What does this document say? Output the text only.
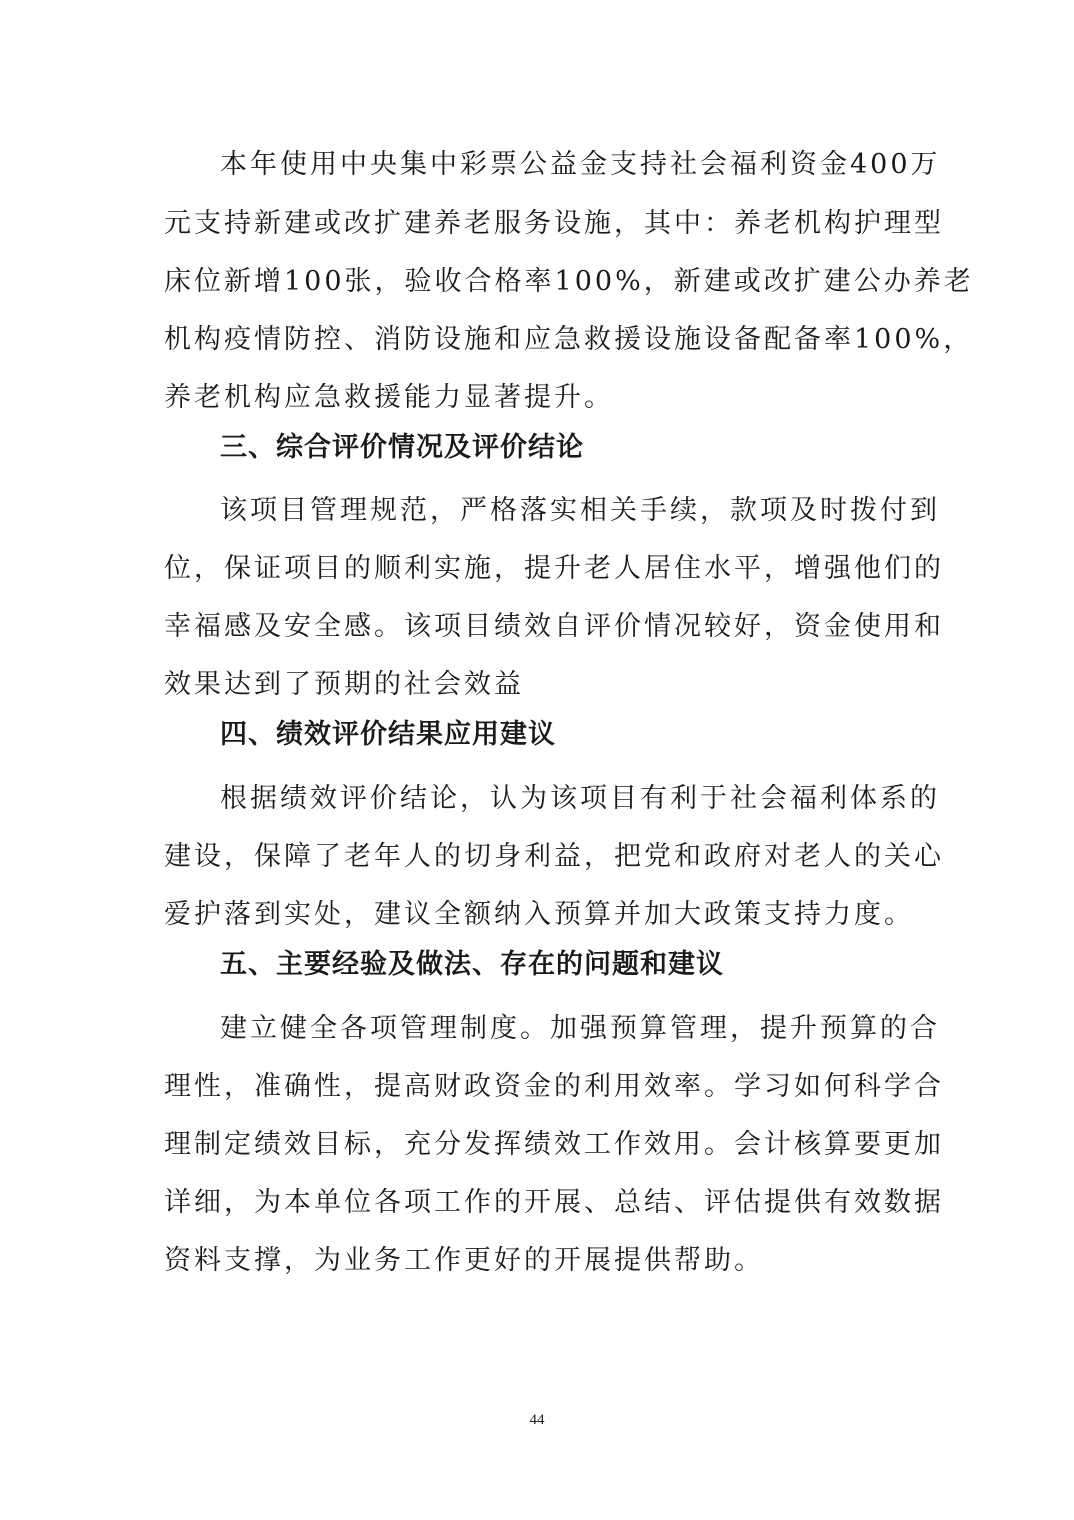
本年使用中央集中彩票公益金支持社会福利资金400万
元支持新建或改扩建养老服务设施，其中：养老机构护理型
床位新增100张，验收合格率100%，新建或改扩建公办养老
机构疫情防控、消防设施和应急救援设施设备配备率100%，
养老机构应急救援能力显著提升。
三、综合评价情况及评价结论
该项目管理规范，严格落实相关手续，款项及时拨付到
位，保证项目的顺利实施，提升老人居住水平，增强他们的
幸福感及安全感。该项目绩效自评价情况较好，资金使用和
效果达到了预期的社会效益
四、绩效评价结果应用建议
根据绩效评价结论，认为该项目有利于社会福利体系的
建设，保障了老年人的切身利益，把党和政府对老人的关心
爱护落到实处，建议全额纳入预算并加大政策支持力度。
五、主要经验及做法、存在的问题和建议
建立健全各项管理制度。加强预算管理，提升预算的合
理性，准确性，提高财政资金的利用效率。学习如何科学合
理制定绩效目标，充分发挥绩效工作效用。会计核算要更加
详细，为本单位各项工作的开展、总结、评估提供有效数据
资料支撑，为业务工作更好的开展提供帮助。
44
